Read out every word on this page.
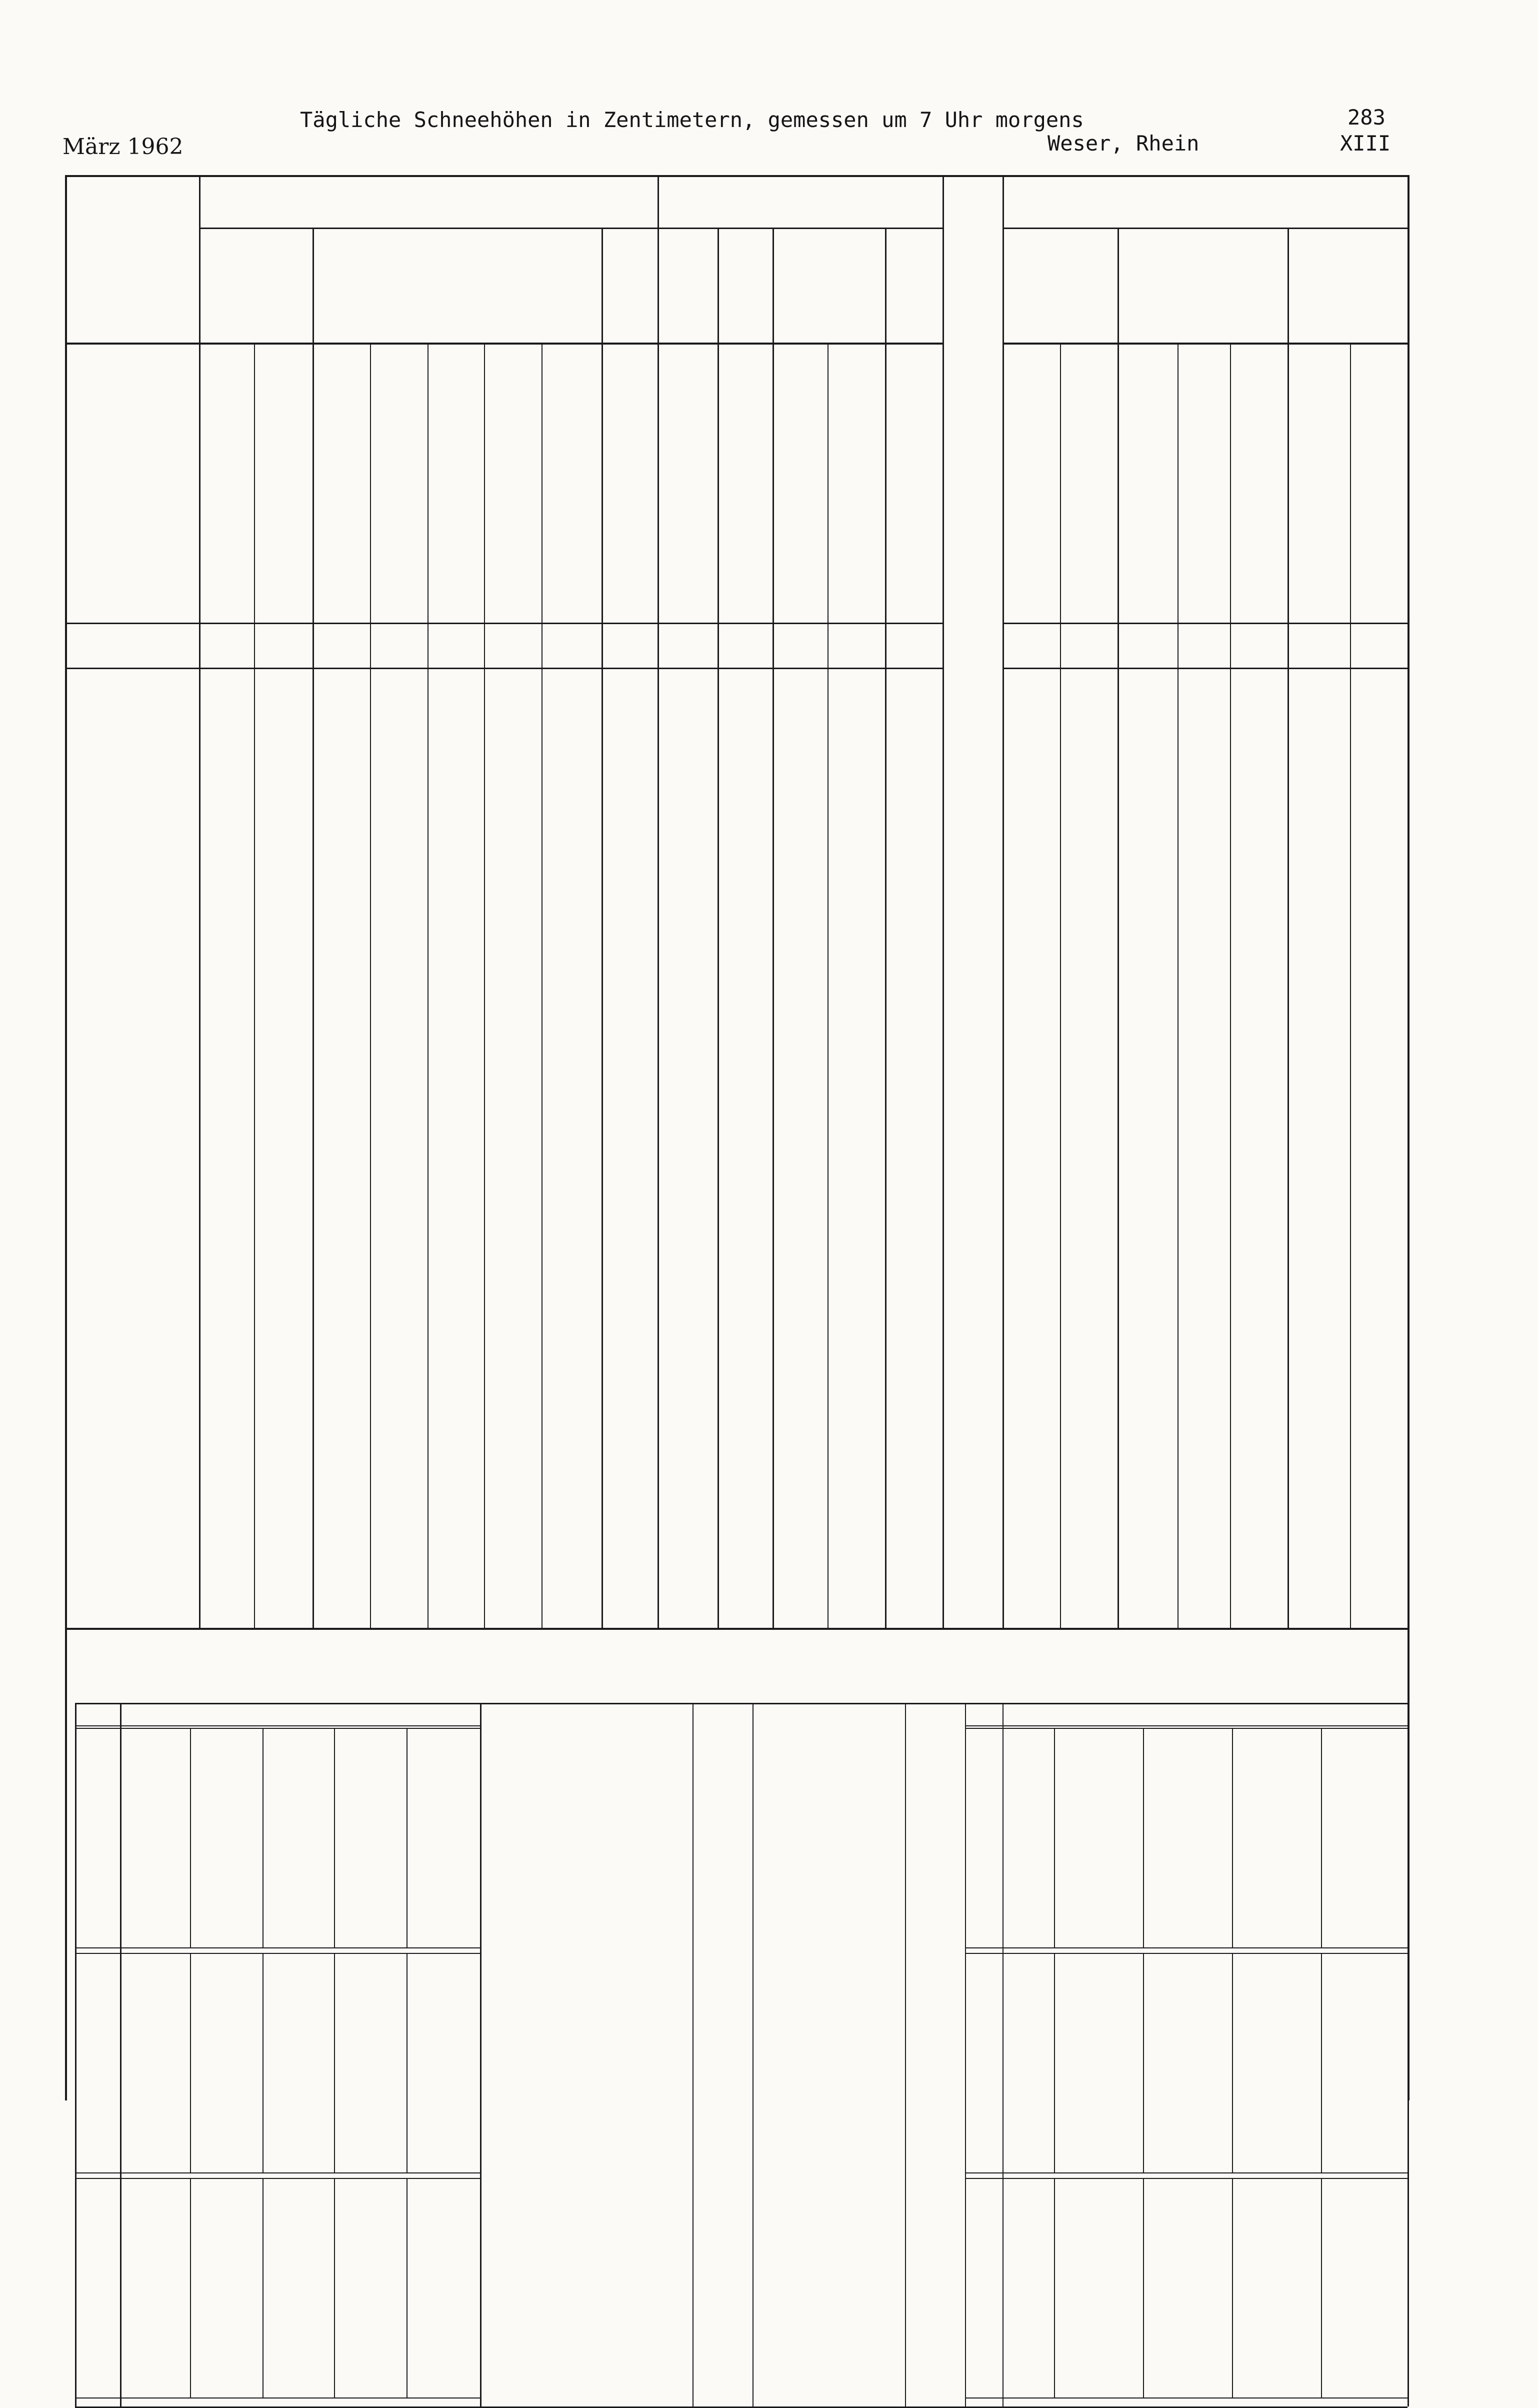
März 1962
Tägliche Schneehöhen in Zentimetern, gemessen um 7 Uhr morgens
Weser, Rhein
283
XIII
